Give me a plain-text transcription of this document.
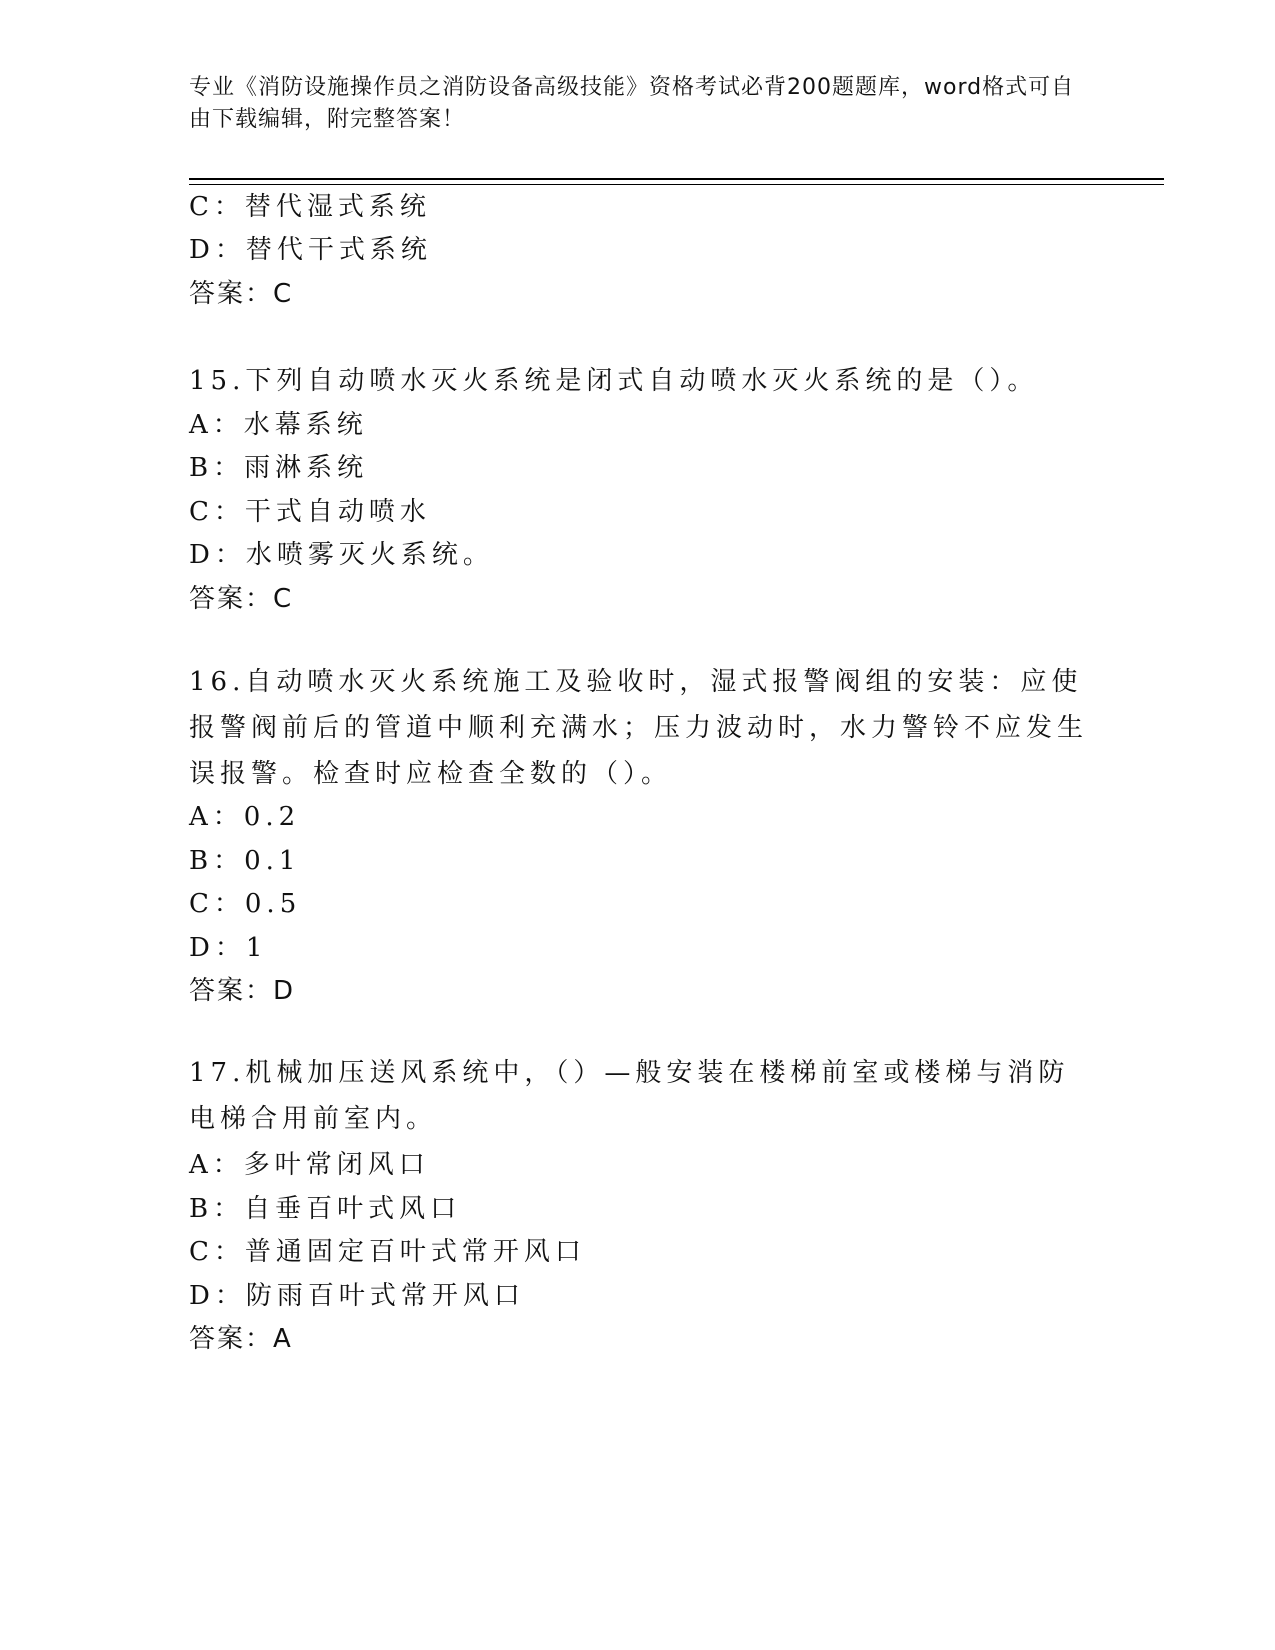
专业《消防设施操作员之消防设备高级技能》资格考试必背200题题库，word格式可自由下载编辑，附完整答案！
C：替代湿式系统
D：替代干式系统
答案：C
15.下列自动喷水灭火系统是闭式自动喷水灭火系统的是（）。
A：水幕系统
B：雨淋系统
C：干式自动喷水
D：水喷雾灭火系统。
答案：C
16.自动喷水灭火系统施工及验收时，湿式报警阀组的安装：应使报警阀前后的管道中顺利充满水；压力波动时，水力警铃不应发生误报警。检查时应检查全数的（）。
A：0.2
B：0.1
C：0.5
D：1
答案：D
17.机械加压送风系统中，（）—般安装在楼梯前室或楼梯与消防电梯合用前室内。
A：多叶常闭风口
B：自垂百叶式风口
C：普通固定百叶式常开风口
D：防雨百叶式常开风口
答案：A
